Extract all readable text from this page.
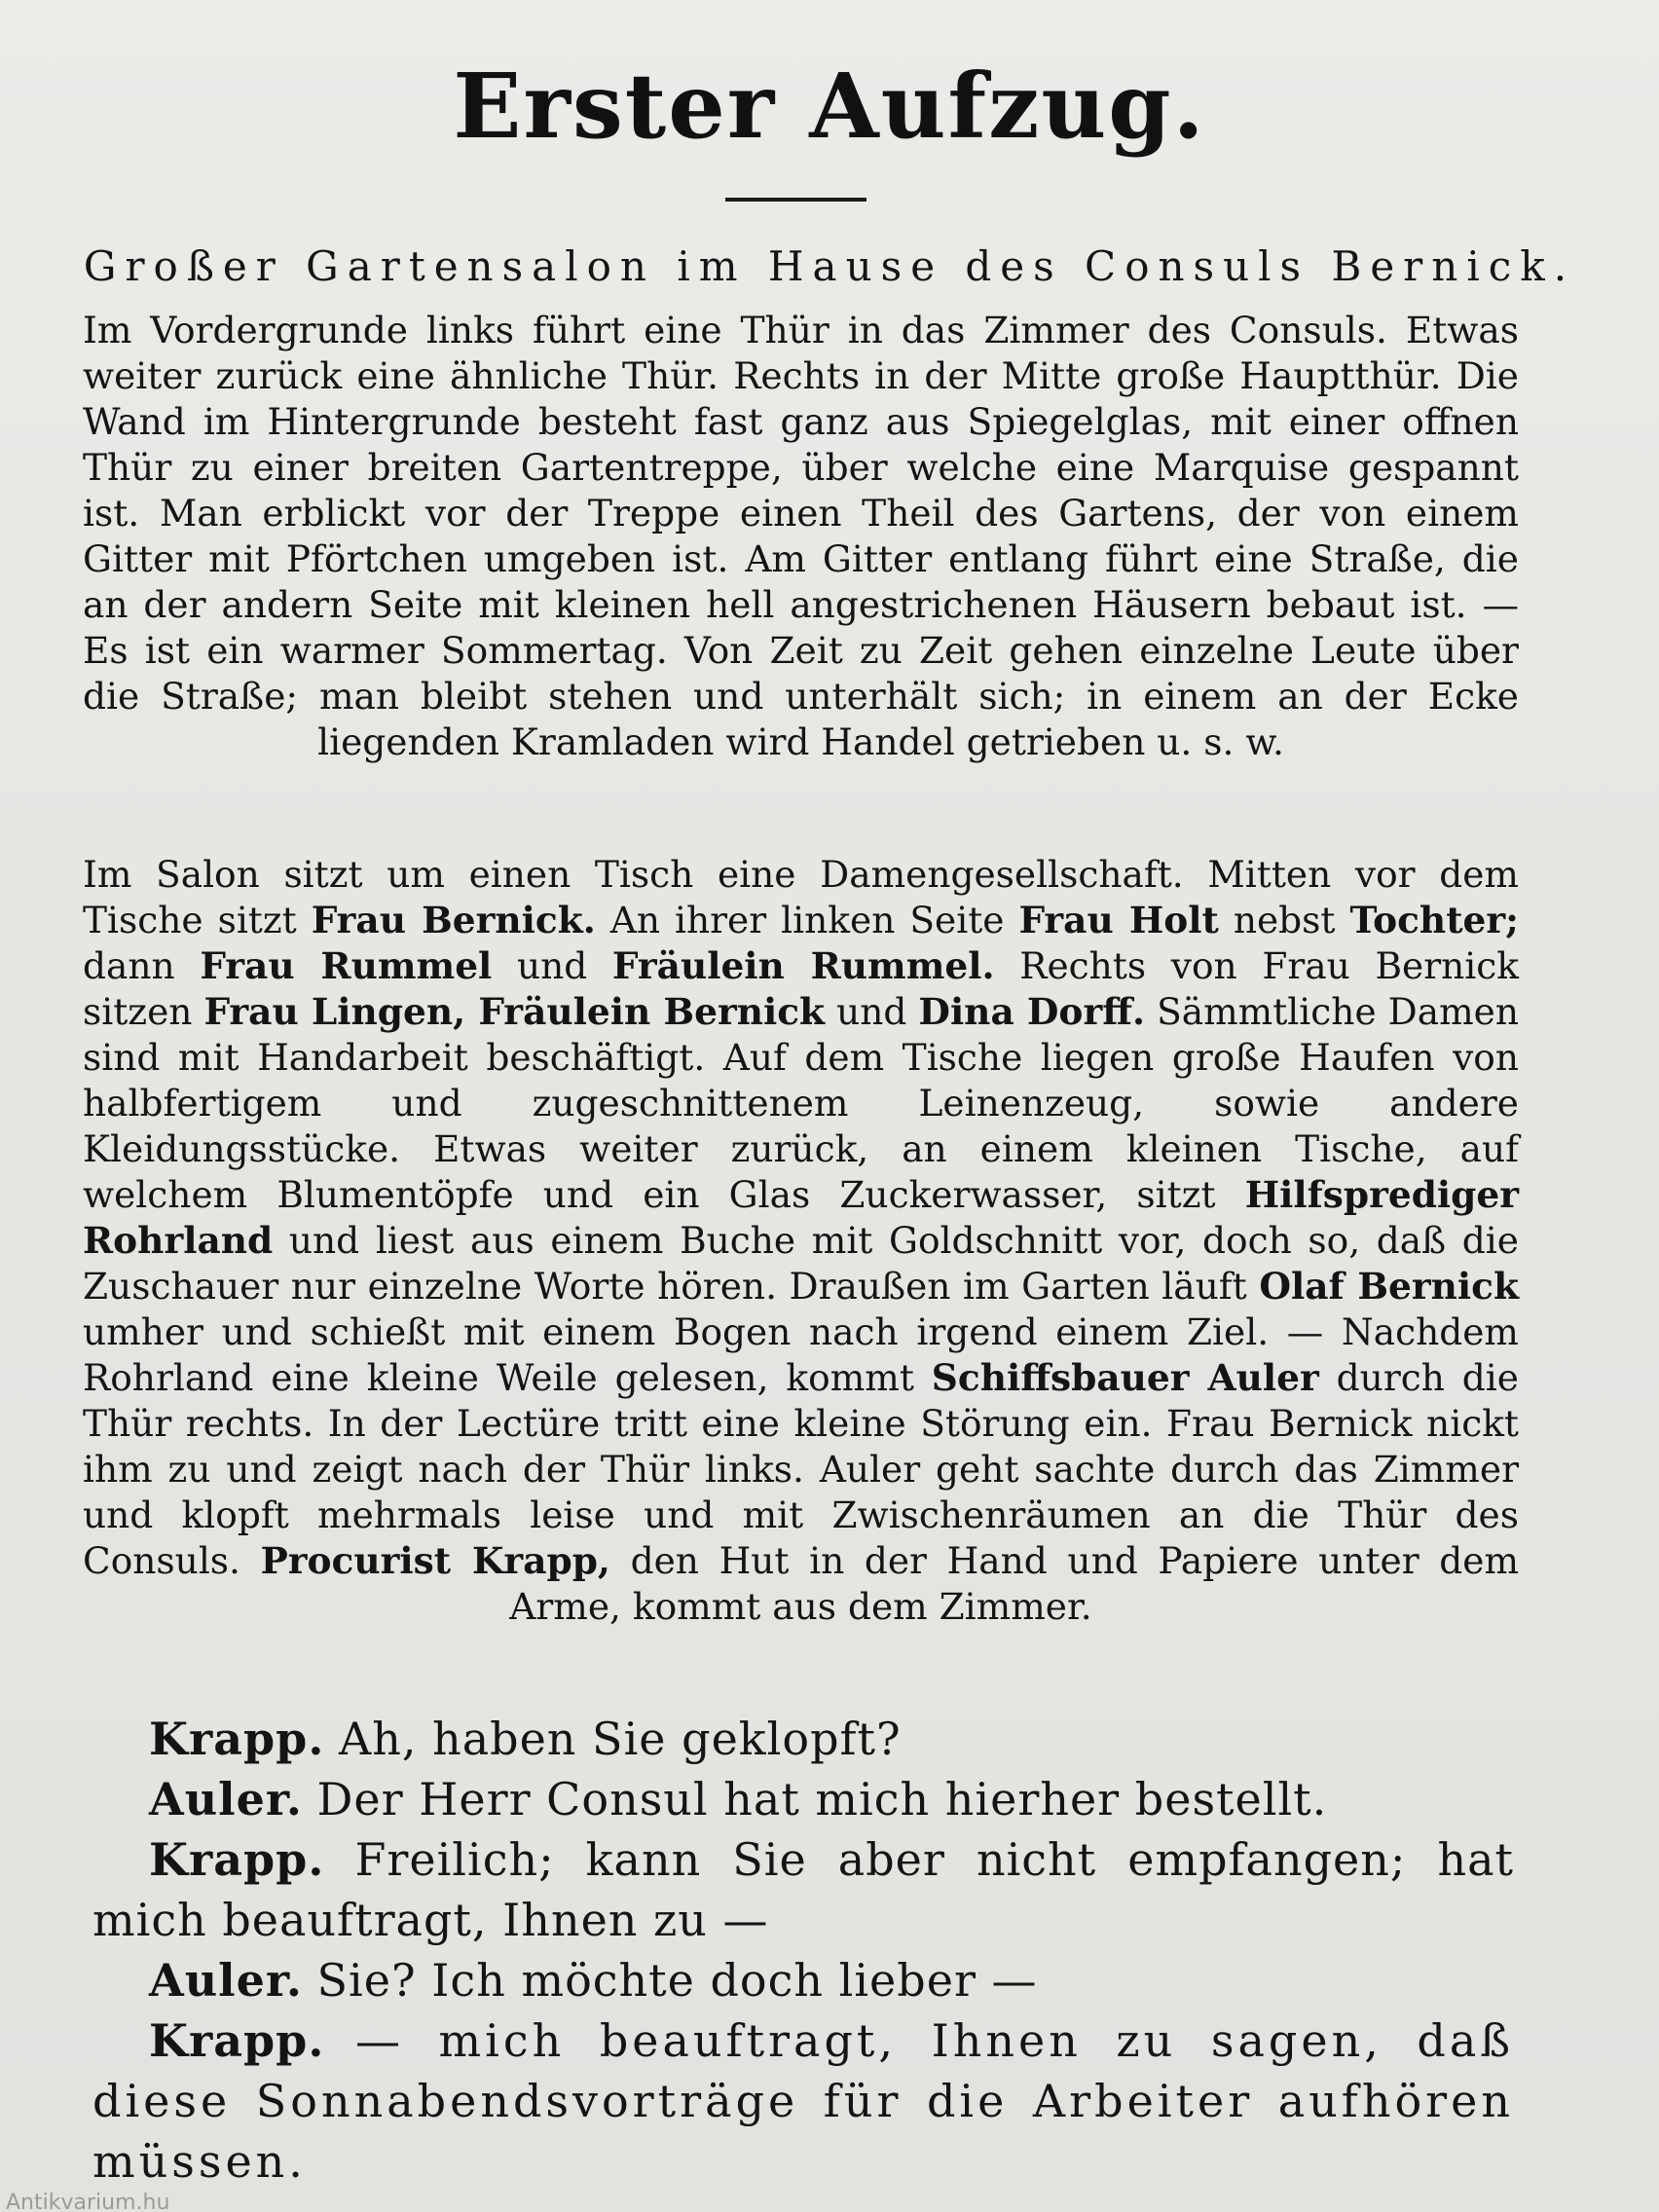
Erster Aufzug.
Großer Gartensalon im Hause des Consuls Bernick.
Im Vordergrunde links führt eine Thür in das Zimmer des Consuls. Etwas weiter zurück eine ähnliche Thür. Rechts in der Mitte große Hauptthür. Die Wand im Hintergrunde besteht fast ganz aus Spiegelglas, mit einer offnen Thür zu einer breiten Gartentreppe, über welche eine Marquise gespannt ist. Man erblickt vor der Treppe einen Theil des Gartens, der von einem Gitter mit Pförtchen umgeben ist. Am Gitter entlang führt eine Straße, die an der andern Seite mit kleinen hell angestrichenen Häusern bebaut ist. — Es ist ein warmer Sommertag. Von Zeit zu Zeit gehen einzelne Leute über die Straße; man bleibt stehen und unterhält sich; in einem an der Ecke liegenden Kramladen wird Handel getrieben u. s. w.
Im Salon sitzt um einen Tisch eine Damengesellschaft. Mitten vor dem Tische sitzt Frau Bernick. An ihrer linken Seite Frau Holt nebst Tochter; dann Frau Rummel und Fräulein Rummel. Rechts von Frau Bernick sitzen Frau Lingen, Fräulein Bernick und Dina Dorff. Sämmtliche Damen sind mit Handarbeit beschäftigt. Auf dem Tische liegen große Haufen von halbfertigem und zugeschnittenem Leinenzeug, sowie andere Kleidungsstücke. Etwas weiter zurück, an einem kleinen Tische, auf welchem Blumentöpfe und ein Glas Zuckerwasser, sitzt Hilfsprediger Rohrland und liest aus einem Buche mit Goldschnitt vor, doch so, daß die Zuschauer nur einzelne Worte hören. Draußen im Garten läuft Olaf Bernick umher und schießt mit einem Bogen nach irgend einem Ziel. — Nachdem Rohrland eine kleine Weile gelesen, kommt Schiffsbauer Auler durch die Thür rechts. In der Lectüre tritt eine kleine Störung ein. Frau Bernick nickt ihm zu und zeigt nach der Thür links. Auler geht sachte durch das Zimmer und klopft mehrmals leise und mit Zwischenräumen an die Thür des Consuls. Procurist Krapp, den Hut in der Hand und Papiere unter dem Arme, kommt aus dem Zimmer.
Krapp. Ah, haben Sie geklopft?
Auler. Der Herr Consul hat mich hierher bestellt.
Krapp. Freilich; kann Sie aber nicht empfangen; hat mich beauftragt, Ihnen zu —
Auler. Sie? Ich möchte doch lieber —
Krapp. — mich beauftragt, Ihnen zu sagen, daß diese Sonnabendsvorträge für die Arbeiter aufhören müssen.
Antikvarium.hu
